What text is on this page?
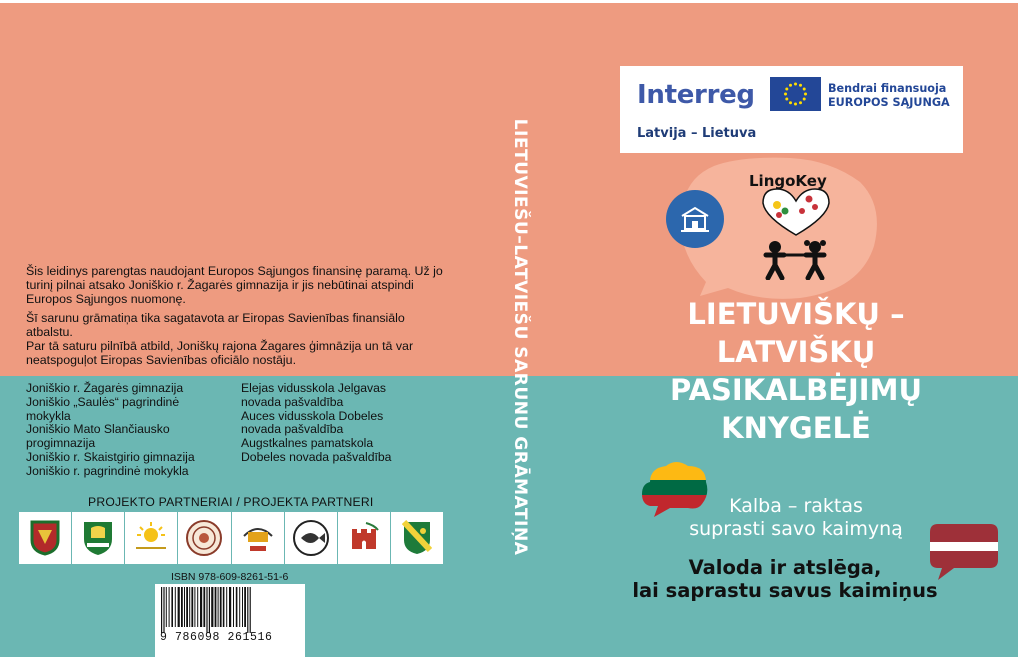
Šis leidinys parengtas naudojant Europos Sąjungos finansinę paramą. Už jo turinį pilnai atsako Joniškio r. Žagarės gimnazija ir jis nebūtinai atspindi Europos Sąjungos nuomonę.

Šī sarunu grāmatiņa tika sagatavota ar Eiropas Savienības finansiālo atbalstu.
Par tā saturu pilnībā atbild, Joniškų rajona Žagares ģimnāzija un tā var neatspoguļot Eiropas Savienības oficiālo nostāju.

Joniškio r. Žagarės gimnazija
Joniškio „Saulės“ pagrindinė mokykla
Joniškio Mato Slančiausko progimnazija
Joniškio r. Skaistgirio gimnazija
Joniškio r. pagrindinė mokykla
Elejas vidusskola Jelgavas novada pašvaldība
Auces vidusskola Dobeles novada pašvaldība
Augstkalnes pamatskola Dobeles novada pašvaldība
PROJEKTO PARTNERIAI / PROJEKTA PARTNERI
ISBN 978-609-8261-51-6
9 786098 261516
LIETUVIEŠU–LATVIEŠU SARUNU GRĀMATIŅA
Interreg	Bendrai finansuoja
EUROPOS SĄJUNGA
Latvija – Lietuva
LingoKey
LIETUVIŠKŲ –
LATVIŠKŲ
PASIKALBĖJIMŲ
KNYGELĖ
Kalba – raktas
suprasti savo kaimyną
Valoda ir atslēga,
lai saprastu savus kaimiņus
